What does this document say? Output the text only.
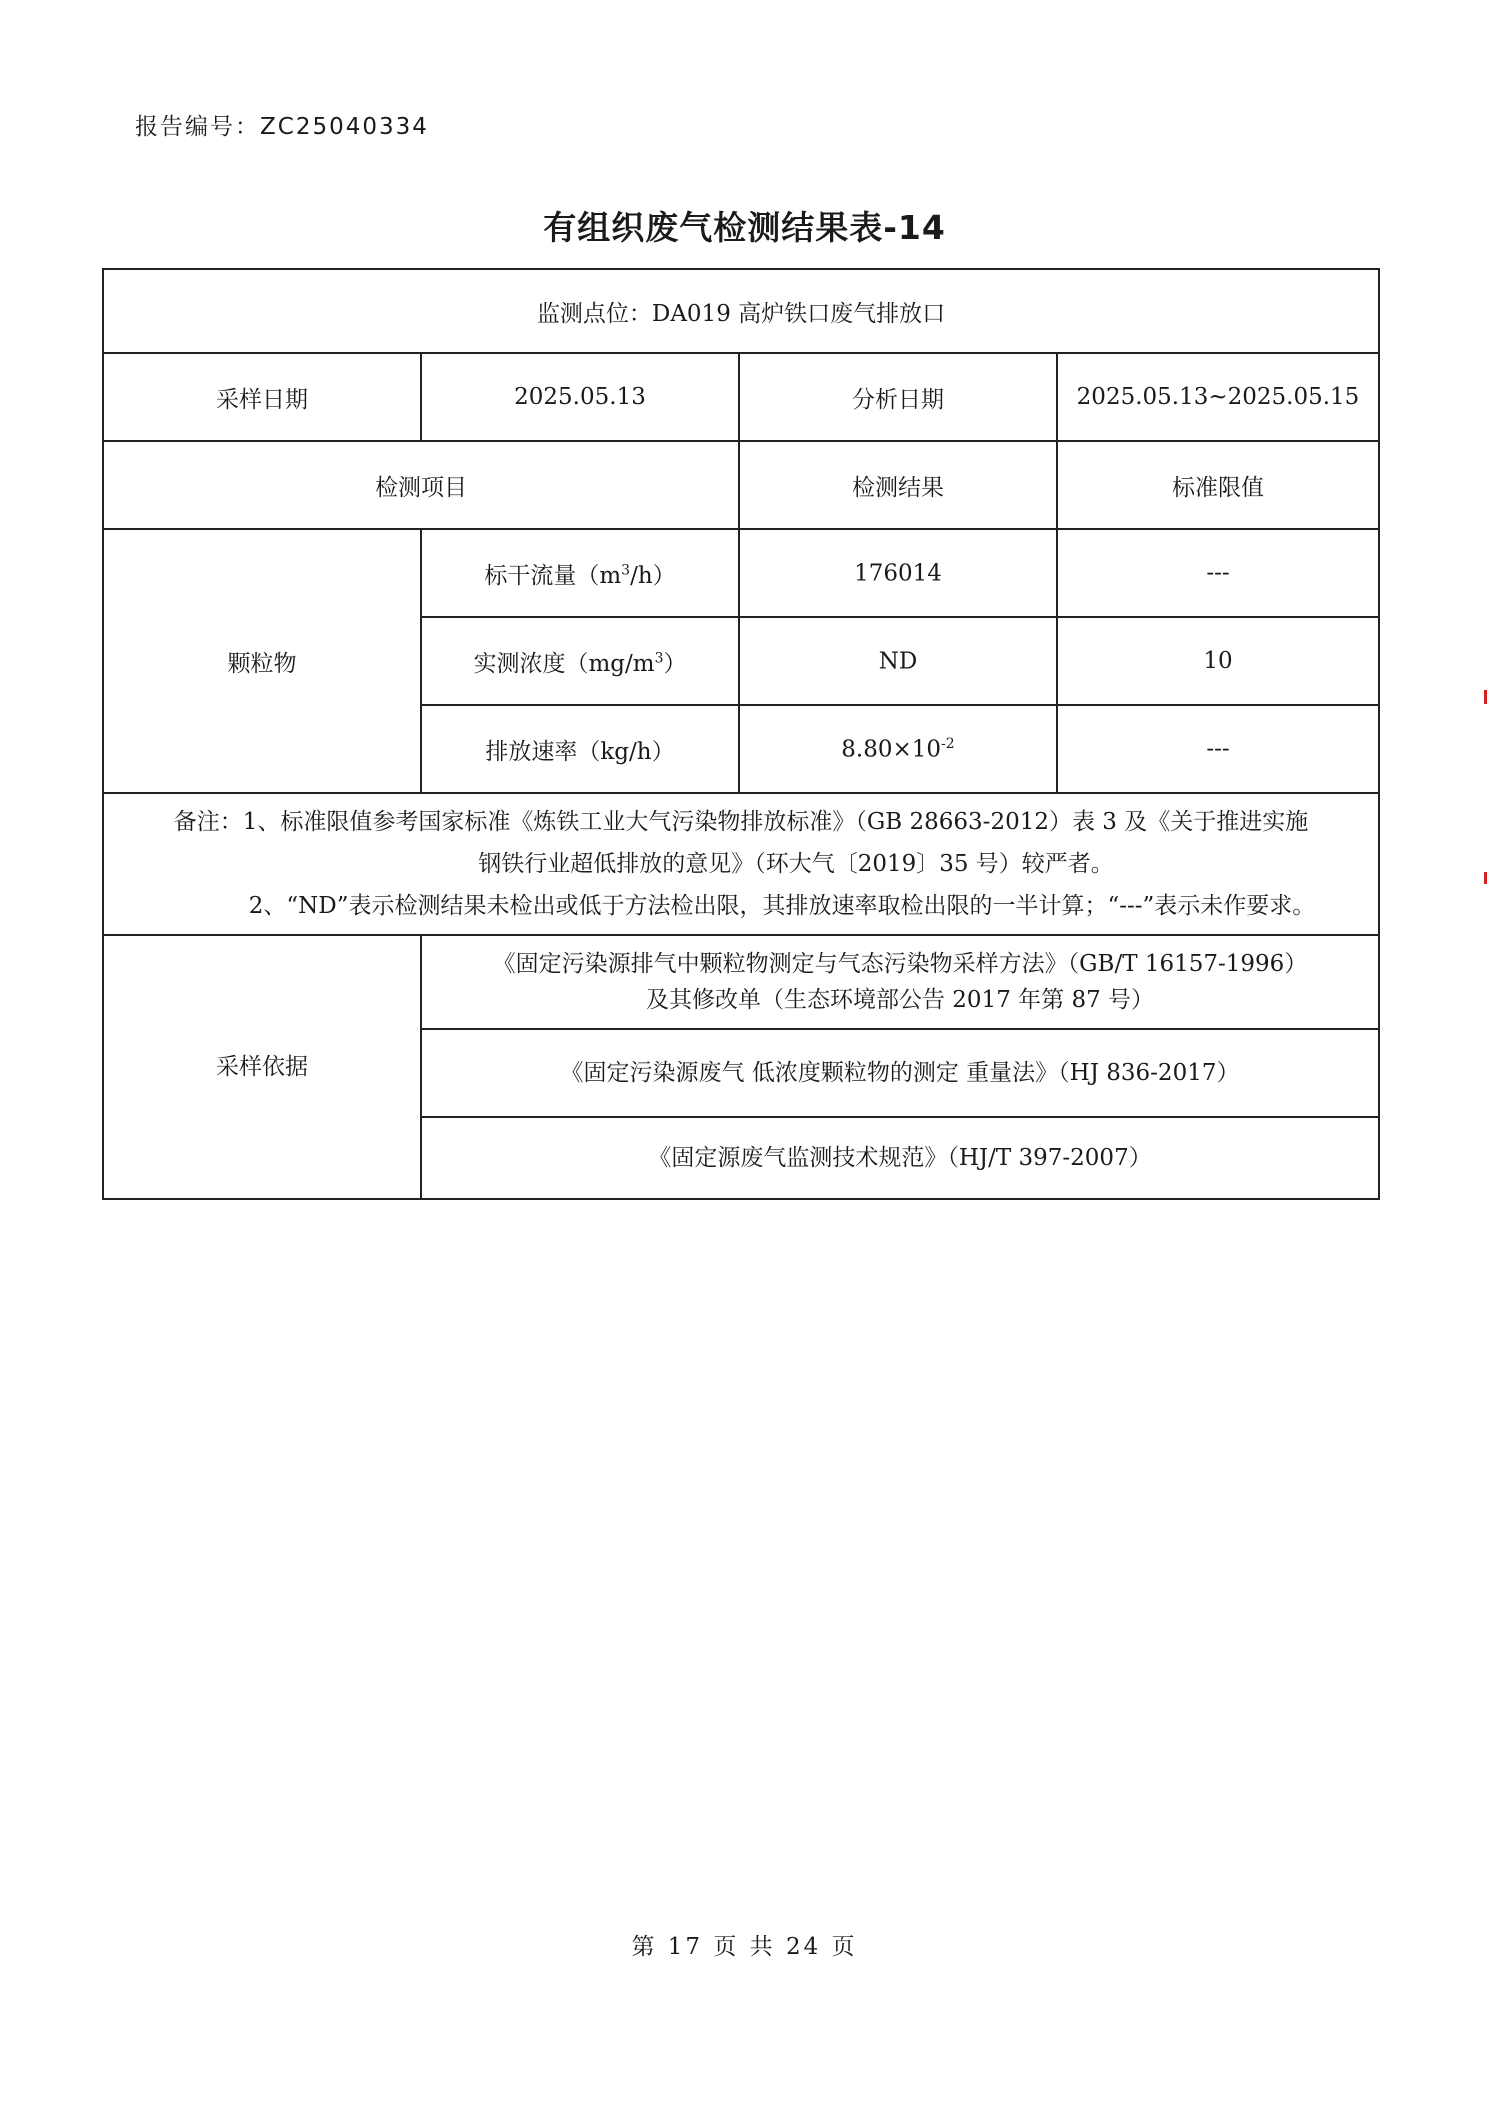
报告编号：ZC25040334
有组织废气检测结果表-14
监测点位：DA019 高炉铁口废气排放口			
采样日期	2025.05.13	分析日期	2025.05.13~2025.05.15
检测项目		检测结果	标准限值
颗粒物	标干流量$(m^3/h)$	176014	---
	实测浓度$(mg/m^3)$	ND	10
	排放速率（kg/h）	$8.80\times 10^{-2}$	---

备注：1、标准限值参考国家标准《炼铁工业大气污染物排放标准》（GB 28663-2012）表 3 及《关于推进实施
钢铁行业超低排放的意见》（环大气〔2019〕35 号）较严者。
2、“ND”表示检测结果未检出或低于方法检出限，其排放速率取检出限的一半计算；“---”表示未作要求。			

采样依据	《固定污染源排气中颗粒物测定与气态污染物采样方法》（GB/T 16157-1996）
及其修改单（生态环境部公告 2017 年第 87 号）		

	《固定污染源废气 低浓度颗粒物的测定 重量法》（HJ 836-2017）		
	《固定源废气监测技术规范》（HJ/T 397-2007）		
第 17 页 共 24 页
